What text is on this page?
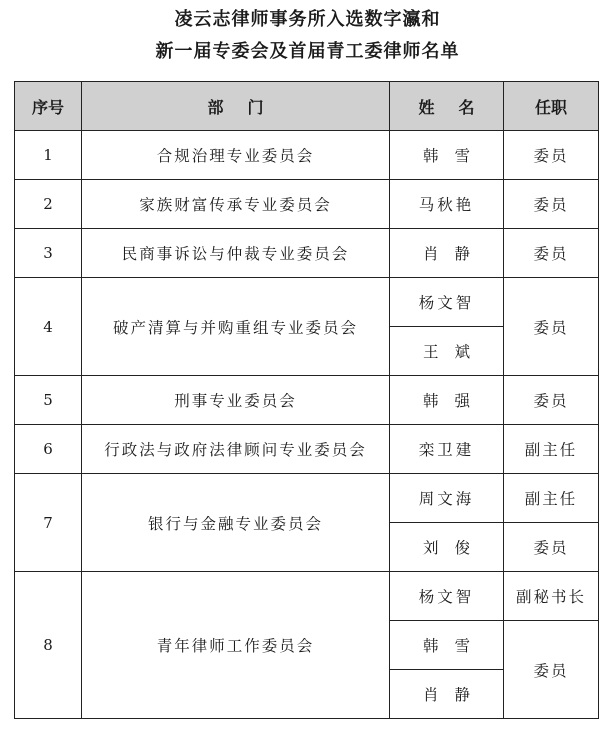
凌云志律师事务所入选数字瀛和
新一届专委会及首届青工委律师名单
序号	部门	姓名	任职
1	合规治理专业委员会	韩雪	委员
2	家族财富传承专业委员会	马秋艳	委员
3	民商事诉讼与仲裁专业委员会	肖静	委员
4	破产清算与并购重组专业委员会	杨文智	委员
		王斌	
5	刑事专业委员会	韩强	委员
6	行政法与政府法律顾问专业委员会	栾卫建	副主任
7	银行与金融专业委员会	周文海	副主任
		刘俊	委员
8	青年律师工作委员会	杨文智	副秘书长
		韩雪	委员
		肖静	
